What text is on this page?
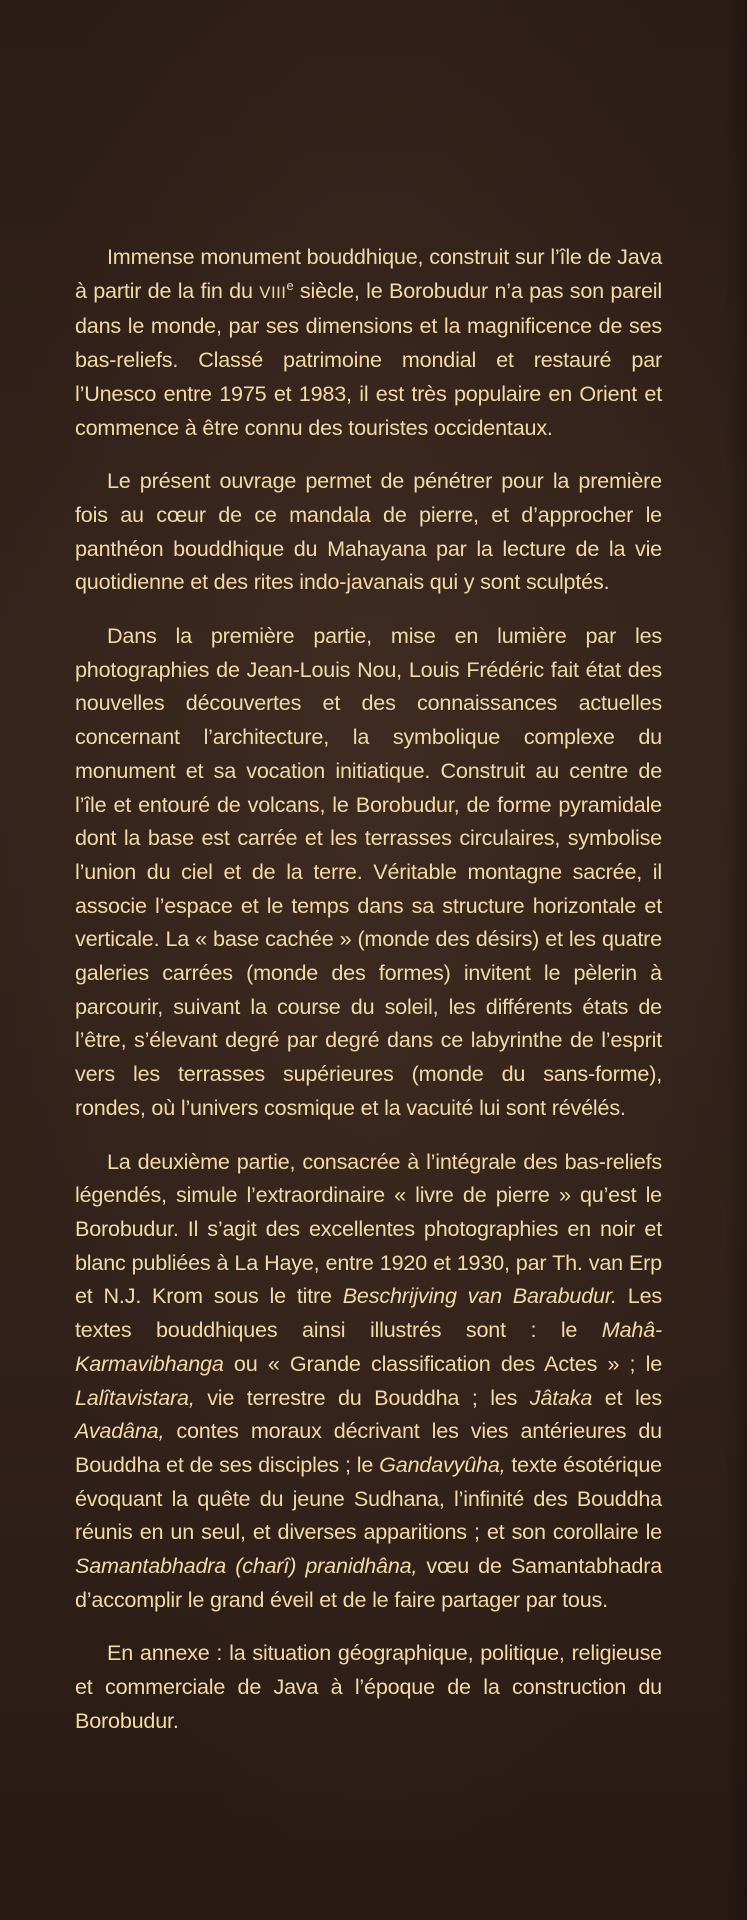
Immense monument bouddhique, construit sur l’île de Java à partir de la fin du VIIIe siècle, le Borobudur n’a pas son pareil dans le monde, par ses dimensions et la magnificence de ses bas-reliefs. Classé patrimoine mondial et restauré par l’Unesco entre 1975 et 1983, il est très populaire en Orient et commence à être connu des touristes occidentaux.

Le présent ouvrage permet de pénétrer pour la première fois au cœur de ce mandala de pierre, et d’approcher le panthéon bouddhique du Mahayana par la lecture de la vie quotidienne et des rites indo-javanais qui y sont sculptés.

Dans la première partie, mise en lumière par les photographies de Jean-Louis Nou, Louis Frédéric fait état des nouvelles découvertes et des connaissances actuelles concernant l’architecture, la symbolique complexe du monument et sa vocation initiatique. Construit au centre de l’île et entouré de volcans, le Borobudur, de forme pyramidale dont la base est carrée et les terrasses circulaires, symbolise l’union du ciel et de la terre. Véritable montagne sacrée, il associe l’espace et le temps dans sa structure horizontale et verticale. La « base cachée » (monde des désirs) et les quatre galeries carrées (monde des formes) invitent le pèlerin à parcourir, suivant la course du soleil, les différents états de l’être, s’élevant degré par degré dans ce labyrinthe de l’esprit vers les terrasses supérieures (monde du sans-forme), rondes, où l’univers cosmique et la vacuité lui sont révélés.

La deuxième partie, consacrée à l’intégrale des bas-reliefs légendés, simule l’extraordinaire « livre de pierre » qu’est le Borobudur. Il s’agit des excellentes photographies en noir et blanc publiées à La Haye, entre 1920 et 1930, par Th. van Erp et N.J. Krom sous le titre Beschrijving van Barabudur. Les textes bouddhiques ainsi illustrés sont : le Mahâ-Karmavibhanga ou « Grande classification des Actes » ; le Lalîtavistara, vie terrestre du Bouddha ; les Jâtaka et les Avadâna, contes moraux décrivant les vies antérieures du Bouddha et de ses disciples ; le Gandavyûha, texte ésotérique évoquant la quête du jeune Sudhana, l’infinité des Bouddha réunis en un seul, et diverses apparitions ; et son corollaire le Samantabhadra (charî) pranidhâna, vœu de Samantabhadra d’accomplir le grand éveil et de le faire partager par tous.

En annexe : la situation géographique, politique, religieuse et commerciale de Java à l’époque de la construction du Borobudur.
